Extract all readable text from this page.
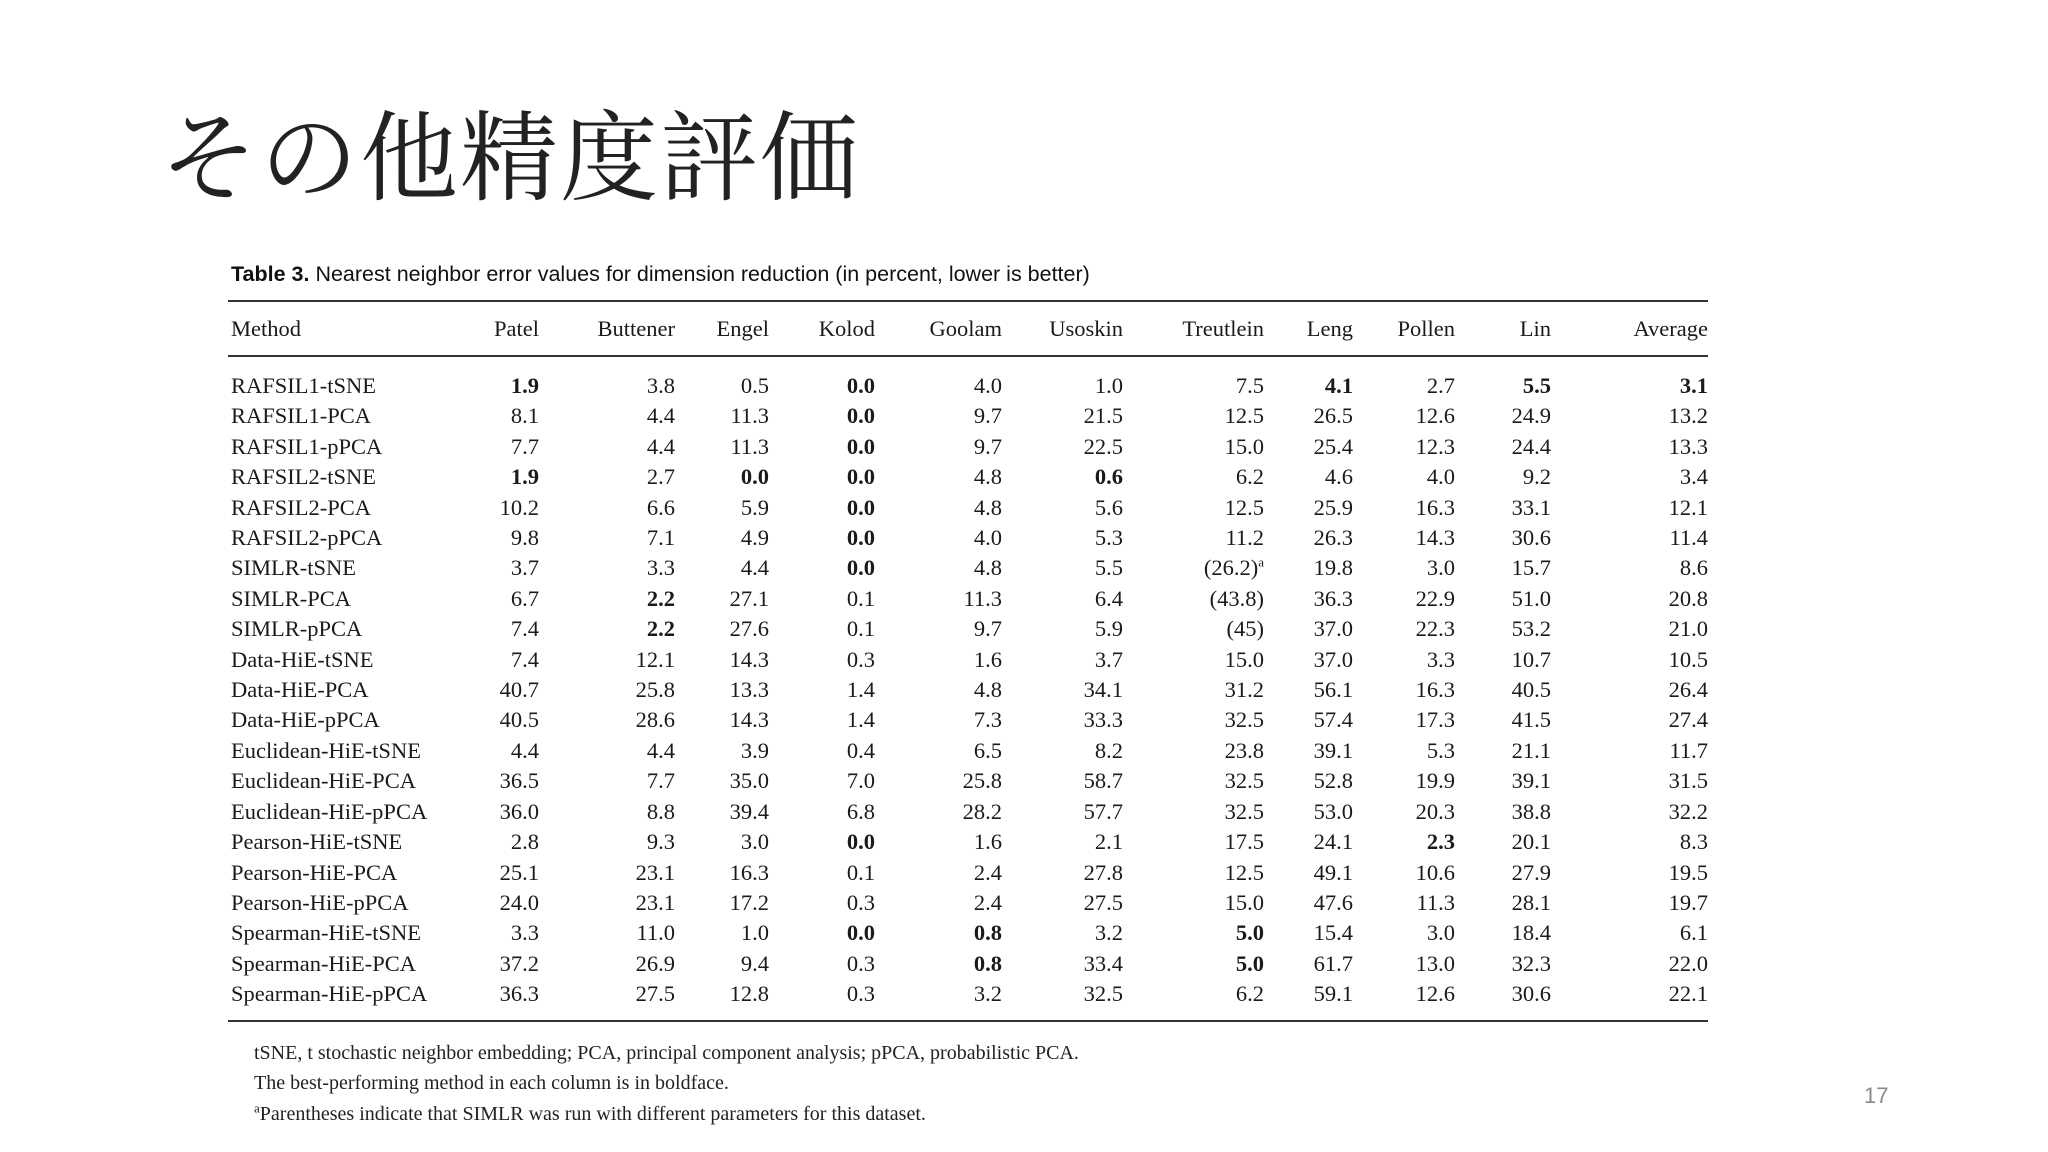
その他精度評価
Table 3. Nearest neighbor error values for dimension reduction (in percent, lower is better)
Method	Patel	Buttener	Engel	Kolod	Goolam	Usoskin	Treutlein	Leng	Pollen	Lin	Average
RAFSIL1-tSNE	1.9	3.8	0.5	0.0	4.0	1.0	7.5	4.1	2.7	5.5	3.1
RAFSIL1-PCA	8.1	4.4	11.3	0.0	9.7	21.5	12.5	26.5	12.6	24.9	13.2
RAFSIL1-pPCA	7.7	4.4	11.3	0.0	9.7	22.5	15.0	25.4	12.3	24.4	13.3
RAFSIL2-tSNE	1.9	2.7	0.0	0.0	4.8	0.6	6.2	4.6	4.0	9.2	3.4
RAFSIL2-PCA	10.2	6.6	5.9	0.0	4.8	5.6	12.5	25.9	16.3	33.1	12.1
RAFSIL2-pPCA	9.8	7.1	4.9	0.0	4.0	5.3	11.2	26.3	14.3	30.6	11.4
SIMLR-tSNE	3.7	3.3	4.4	0.0	4.8	5.5	$(26.2)^a$	19.8	3.0	15.7	8.6
SIMLR-PCA	6.7	2.2	27.1	0.1	11.3	6.4	(43.8)	36.3	22.9	51.0	20.8
SIMLR-pPCA	7.4	2.2	27.6	0.1	9.7	5.9	(45)	37.0	22.3	53.2	21.0
Data-HiE-tSNE	7.4	12.1	14.3	0.3	1.6	3.7	15.0	37.0	3.3	10.7	10.5
Data-HiE-PCA	40.7	25.8	13.3	1.4	4.8	34.1	31.2	56.1	16.3	40.5	26.4
Data-HiE-pPCA	40.5	28.6	14.3	1.4	7.3	33.3	32.5	57.4	17.3	41.5	27.4
Euclidean-HiE-tSNE	4.4	4.4	3.9	0.4	6.5	8.2	23.8	39.1	5.3	21.1	11.7
Euclidean-HiE-PCA	36.5	7.7	35.0	7.0	25.8	58.7	32.5	52.8	19.9	39.1	31.5
Euclidean-HiE-pPCA	36.0	8.8	39.4	6.8	28.2	57.7	32.5	53.0	20.3	38.8	32.2
Pearson-HiE-tSNE	2.8	9.3	3.0	0.0	1.6	2.1	17.5	24.1	2.3	20.1	8.3
Pearson-HiE-PCA	25.1	23.1	16.3	0.1	2.4	27.8	12.5	49.1	10.6	27.9	19.5
Pearson-HiE-pPCA	24.0	23.1	17.2	0.3	2.4	27.5	15.0	47.6	11.3	28.1	19.7
Spearman-HiE-tSNE	3.3	11.0	1.0	0.0	0.8	3.2	5.0	15.4	3.0	18.4	6.1
Spearman-HiE-PCA	37.2	26.9	9.4	0.3	0.8	33.4	5.0	61.7	13.0	32.3	22.0
Spearman-HiE-pPCA	36.3	27.5	12.8	0.3	3.2	32.5	6.2	59.1	12.6	30.6	22.1
tSNE, t stochastic neighbor embedding; PCA, principal component analysis; pPCA, probabilistic PCA.
The best-performing method in each column is in boldface.
$^a$Parentheses indicate that SIMLR was run with different parameters for this dataset.
17
